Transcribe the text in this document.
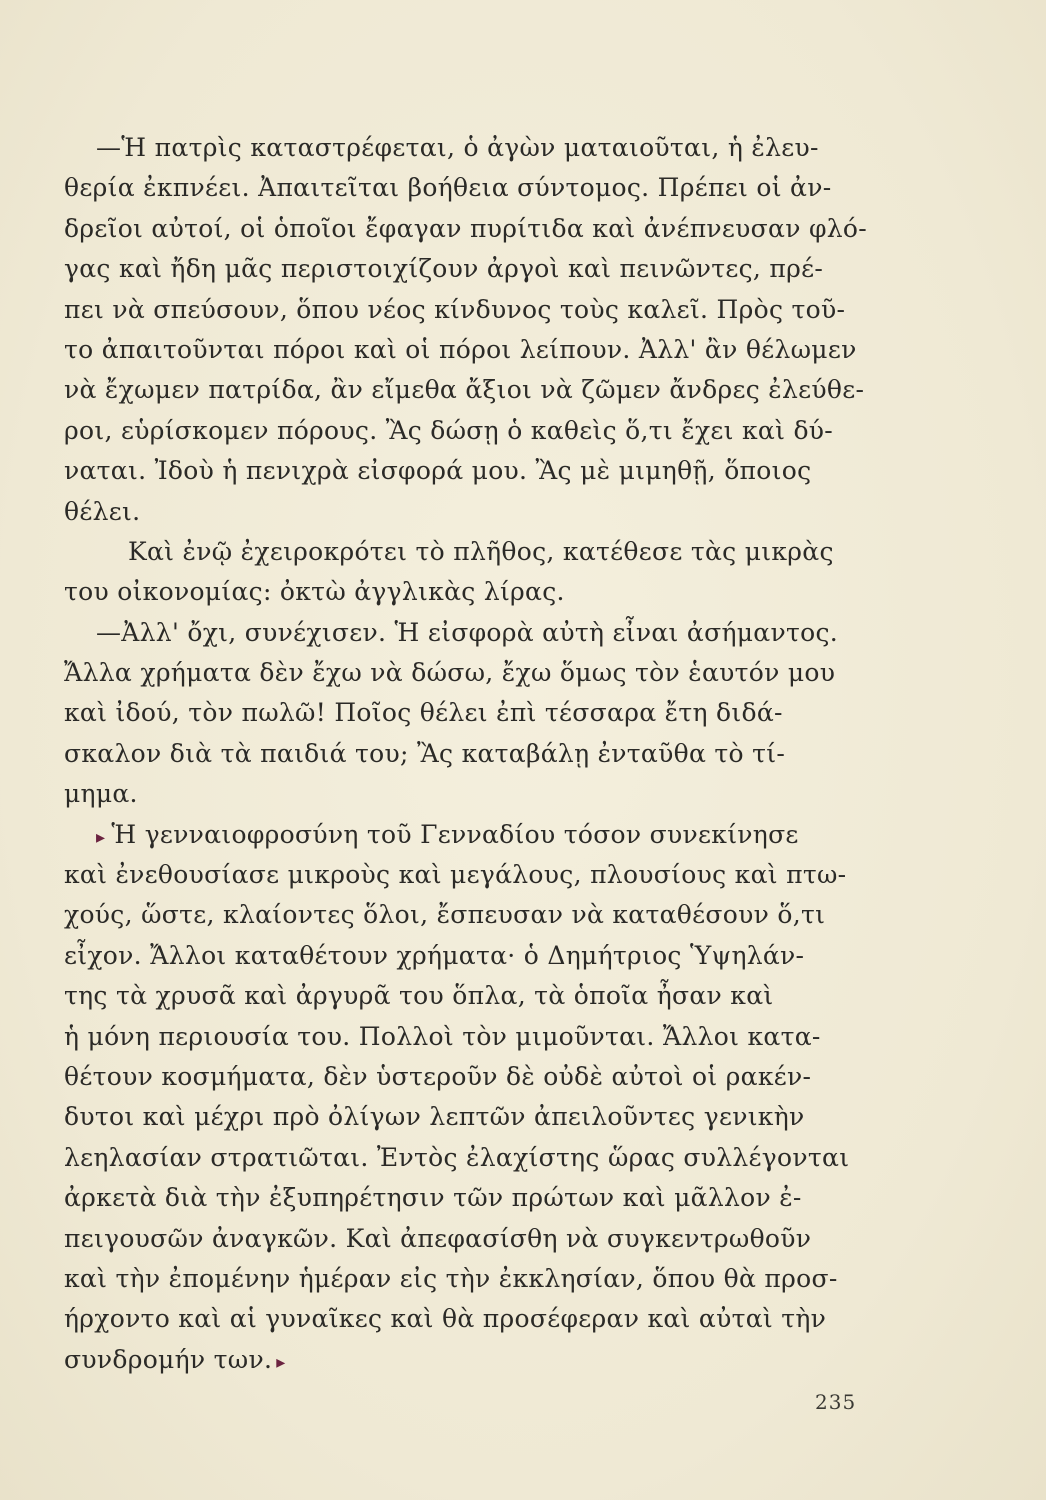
—Ἡ πατρὶς καταστρέφεται, ὁ ἀγὼν ματαιοῦται, ἡ ἐλευ-
θερία ἐκπνέει. Ἀπαιτεῖται βοήθεια σύντομος. Πρέπει οἱ ἀν-
δρεῖοι αὐτοί, οἱ ὁποῖοι ἔφαγαν πυρίτιδα καὶ ἀνέπνευσαν φλό-
γας καὶ ἤδη μᾶς περιστοιχίζουν ἀργοὶ καὶ πεινῶντες, πρέ-
πει νὰ σπεύσουν, ὅπου νέος κίνδυνος τοὺς καλεῖ. Πρὸς τοῦ-
το ἀπαιτοῦνται πόροι καὶ οἱ πόροι λείπουν. Ἀλλ' ἂν θέλωμεν
νὰ ἔχωμεν πατρίδα, ἂν εἴμεθα ἄξιοι νὰ ζῶμεν ἄνδρες ἐλεύθε-
ροι, εὑρίσκομεν πόρους. Ἂς δώσῃ ὁ καθεὶς ὅ,τι ἔχει καὶ δύ-
ναται. Ἰδοὺ ἡ πενιχρὰ εἰσφορά μου. Ἂς μὲ μιμηθῇ, ὅποιος
θέλει.
Καὶ ἐνῷ ἐχειροκρότει τὸ πλῆθος, κατέθεσε τὰς μικρὰς
του οἰκονομίας: ὀκτὼ ἀγγλικὰς λίρας.
—Ἀλλ' ὄχι, συνέχισεν. Ἡ εἰσφορὰ αὐτὴ εἶναι ἀσήμαντος.
Ἄλλα χρήματα δὲν ἔχω νὰ δώσω, ἔχω ὅμως τὸν ἑαυτόν μου
καὶ ἰδού, τὸν πωλῶ! Ποῖος θέλει ἐπὶ τέσσαρα ἔτη διδά-
σκαλον διὰ τὰ παιδιά του; Ἂς καταβάλῃ ἐνταῦθα τὸ τί-
μημα.
▸ Ἡ γενναιοφροσύνη τοῦ Γενναδίου τόσον συνεκίνησε
καὶ ἐνεθουσίασε μικροὺς καὶ μεγάλους, πλουσίους καὶ πτω-
χούς, ὥστε, κλαίοντες ὅλοι, ἔσπευσαν νὰ καταθέσουν ὅ,τι
εἶχον. Ἄλλοι καταθέτουν χρήματα· ὁ Δημήτριος Ὑψηλάν-
της τὰ χρυσᾶ καὶ ἀργυρᾶ του ὅπλα, τὰ ὁποῖα ἦσαν καὶ
ἡ μόνη περιουσία του. Πολλοὶ τὸν μιμοῦνται. Ἄλλοι κατα-
θέτουν κοσμήματα, δὲν ὑστεροῦν δὲ οὐδὲ αὐτοὶ οἱ ρακέν-
δυτοι καὶ μέχρι πρὸ ὀλίγων λεπτῶν ἀπειλοῦντες γενικὴν
λεηλασίαν στρατιῶται. Ἐντὸς ἐλαχίστης ὥρας συλλέγονται
ἀρκετὰ διὰ τὴν ἐξυπηρέτησιν τῶν πρώτων καὶ μᾶλλον ἐ-
πειγουσῶν ἀναγκῶν. Καὶ ἀπεφασίσθη νὰ συγκεντρωθοῦν
καὶ τὴν ἐπομένην ἡμέραν εἰς τὴν ἐκκλησίαν, ὅπου θὰ προσ-
ήρχοντο καὶ αἱ γυναῖκες καὶ θὰ προσέφεραν καὶ αὐταὶ τὴν
συνδρομήν των. ▸
235
